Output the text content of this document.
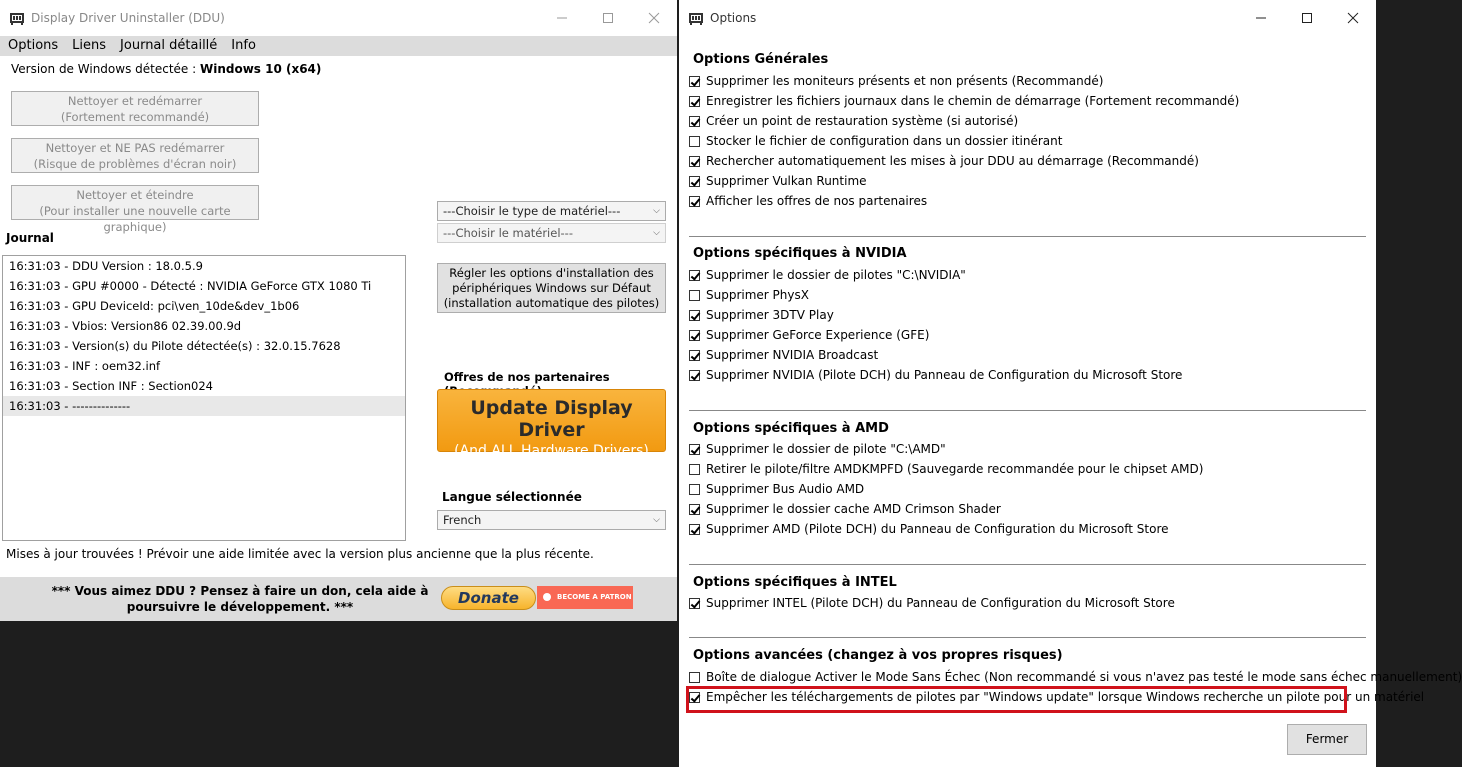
Display Driver Uninstaller (DDU)
Options	Liens	Journal détaillé	Info
Version de Windows détectée : Windows 10 (x64)
Nettoyer et redémarrer
(Fortement recommandé)
Nettoyer et NE PAS redémarrer
(Risque de problèmes d'écran noir)
Nettoyer et éteindre
(Pour installer une nouvelle carte graphique)
Journal
16:31:03 - DDU Version : 18.0.5.9
16:31:03 - GPU #0000 - Détecté : NVIDIA GeForce GTX 1080 Ti
16:31:03 - GPU DeviceId: pci\ven_10de&dev_1b06
16:31:03 - Vbios: Version86 02.39.00.9d
16:31:03 - Version(s) du Pilote détectée(s) : 32.0.15.7628
16:31:03 - INF : oem32.inf
16:31:03 - Section INF : Section024
16:31:03 - --------------
---Choisir le type de matériel---	⌵
---Choisir le matériel---	⌵
Régler les options d'installation des
périphériques Windows sur Défaut
(installation automatique des pilotes)
Offres de nos partenaires
Update Display Driver
(And ALL Hardware Drivers)
Langue sélectionnée
French	⌵
Mises à jour trouvées ! Prévoir une aide limitée avec la version plus ancienne que la plus récente.
*** Vous aimez DDU ? Pensez à faire un don, cela aide à poursuivre le développement. ***	Donate	BECOME A PATRON
Options
Options Générales
Supprimer les moniteurs présents et non présents (Recommandé)
Enregistrer les fichiers journaux dans le chemin de démarrage (Fortement recommandé)
Créer un point de restauration système (si autorisé)
Stocker le fichier de configuration dans un dossier itinérant
Rechercher automatiquement les mises à jour DDU au démarrage (Recommandé)
Supprimer Vulkan Runtime
Afficher les offres de nos partenaires
Options spécifiques à NVIDIA
Supprimer le dossier de pilotes "C:\NVIDIA"
Supprimer PhysX
Supprimer 3DTV Play
Supprimer GeForce Experience (GFE)
Supprimer NVIDIA Broadcast
Supprimer NVIDIA (Pilote DCH) du Panneau de Configuration du Microsoft Store
Options spécifiques à AMD
Supprimer le dossier de pilote "C:\AMD"
Retirer le pilote/filtre AMDKMPFD (Sauvegarde recommandée pour le chipset AMD)
Supprimer Bus Audio AMD
Supprimer le dossier cache AMD Crimson Shader
Supprimer AMD (Pilote DCH) du Panneau de Configuration du Microsoft Store
Options spécifiques à INTEL
Supprimer INTEL (Pilote DCH) du Panneau de Configuration du Microsoft Store
Options avancées (changez à vos propres risques)
Boîte de dialogue Activer le Mode Sans Échec (Non recommandé si vous n'avez pas testé le mode sans échec manuellement)
Empêcher les téléchargements de pilotes par "Windows update" lorsque Windows recherche un pilote pour un matériel
Fermer
